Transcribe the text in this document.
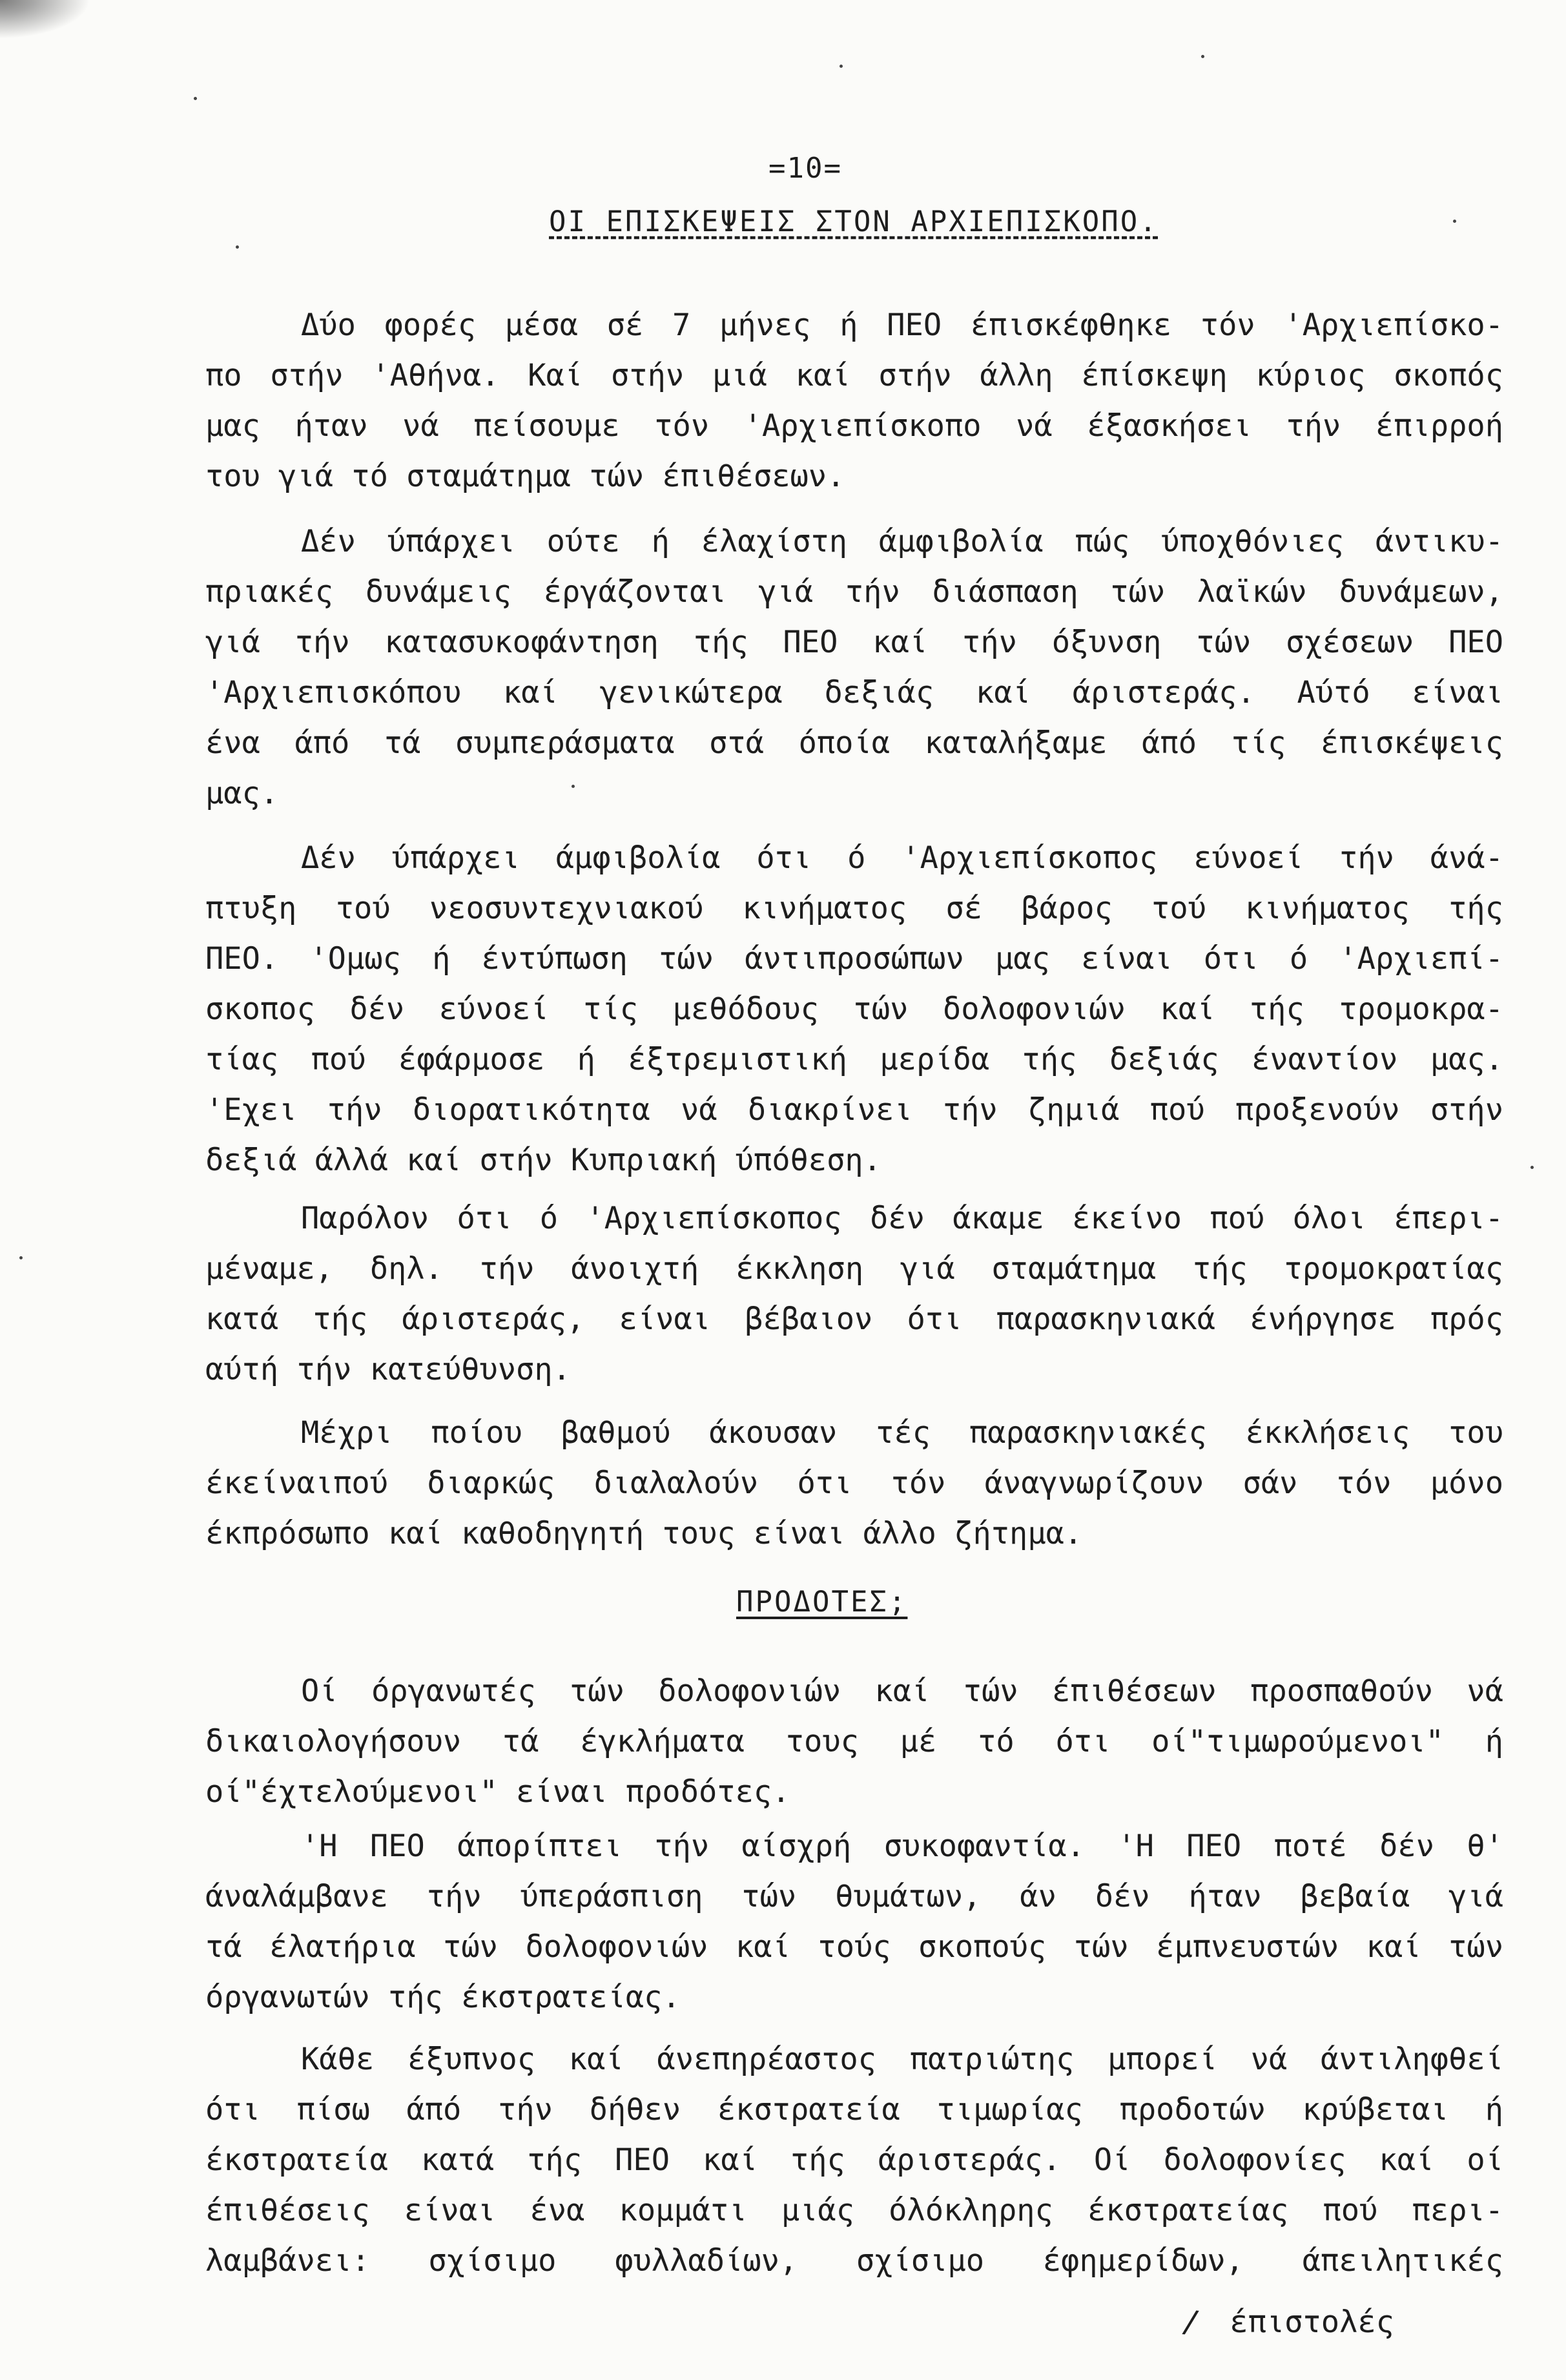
=10=
ΟΙ ΕΠΙΣΚΕΨΕΙΣ ΣΤΟΝ ΑΡΧΙΕΠΙΣΚΟΠΟ.
Δύο φορές μέσα σέ 7 μήνες ή ΠΕΟ έπισκέφθηκε τόν 'Αρχιεπίσκο-
πο στήν 'Αθήνα. Καί στήν μιά καί στήν άλλη έπίσκεψη κύριος σκοπός
μας ήταν νά πείσουμε τόν 'Αρχιεπίσκοπο νά έξασκήσει τήν έπιρροή
του γιά τό σταμάτημα τών έπιθέσεων.
Δέν ύπάρχει ούτε ή έλαχίστη άμφιβολία πώς ύποχθόνιες άντικυ-
πριακές δυνάμεις έργάζονται γιά τήν διάσπαση τών λαϊκών δυνάμεων,
γιά τήν κατασυκοφάντηση τής ΠΕΟ καί τήν όξυνση τών σχέσεων ΠΕΟ
'Αρχιεπισκόπου καί γενικώτερα δεξιάς καί άριστεράς. Αύτό είναι
ένα άπό τά συμπεράσματα στά όποία καταλήξαμε άπό τίς έπισκέψεις
μας.
Δέν ύπάρχει άμφιβολία ότι ό 'Αρχιεπίσκοπος εύνοεί τήν άνά-
πτυξη τού νεοσυντεχνιακού κινήματος σέ βάρος τού κινήματος τής
ΠΕΟ. 'Ομως ή έντύπωση τών άντιπροσώπων μας είναι ότι ό 'Αρχιεπί-
σκοπος δέν εύνοεί τίς μεθόδους τών δολοφονιών καί τής τρομοκρα-
τίας πού έφάρμοσε ή έξτρεμιστική μερίδα τής δεξιάς έναντίον μας.
'Εχει τήν διορατικότητα νά διακρίνει τήν ζημιά πού προξενούν στήν
δεξιά άλλά καί στήν Κυπριακή ύπόθεση.
Παρόλον ότι ό 'Αρχιεπίσκοπος δέν άκαμε έκείνο πού όλοι έπερι-
μέναμε, δηλ. τήν άνοιχτή έκκληση γιά σταμάτημα τής τρομοκρατίας
κατά τής άριστεράς, είναι βέβαιον ότι παρασκηνιακά ένήργησε πρός
αύτή τήν κατεύθυνση.
Μέχρι ποίου βαθμού άκουσαν τές παρασκηνιακές έκκλήσεις του
έκείναιπού διαρκώς διαλαλούν ότι τόν άναγνωρίζουν σάν τόν μόνο
έκπρόσωπο καί καθοδηγητή τους είναι άλλο ζήτημα.
ΠΡΟΔΟΤΕΣ;
Οί όργανωτές τών δολοφονιών καί τών έπιθέσεων προσπαθούν νά
δικαιολογήσουν τά έγκλήματα τους μέ τό ότι οί"τιμωρούμενοι" ή
οί"έχτελούμενοι" είναι προδότες.
'Η ΠΕΟ άπορίπτει τήν αίσχρή συκοφαντία. 'Η ΠΕΟ ποτέ δέν θ'
άναλάμβανε τήν ύπεράσπιση τών θυμάτων, άν δέν ήταν βεβαία γιά
τά έλατήρια τών δολοφονιών καί τούς σκοπούς τών έμπνευστών καί τών
όργανωτών τής έκστρατείας.
Κάθε έξυπνος καί άνεπηρέαστος πατριώτης μπορεί νά άντιληφθεί
ότι πίσω άπό τήν δήθεν έκστρατεία τιμωρίας προδοτών κρύβεται ή
έκστρατεία κατά τής ΠΕΟ καί τής άριστεράς. Οί δολοφονίες καί οί
έπιθέσεις είναι ένα κομμάτι μιάς όλόκληρης έκστρατείας πού περι-
λαμβάνει: σχίσιμο φυλλαδίων, σχίσιμο έφημερίδων, άπειλητικές
/ έπιστολές
